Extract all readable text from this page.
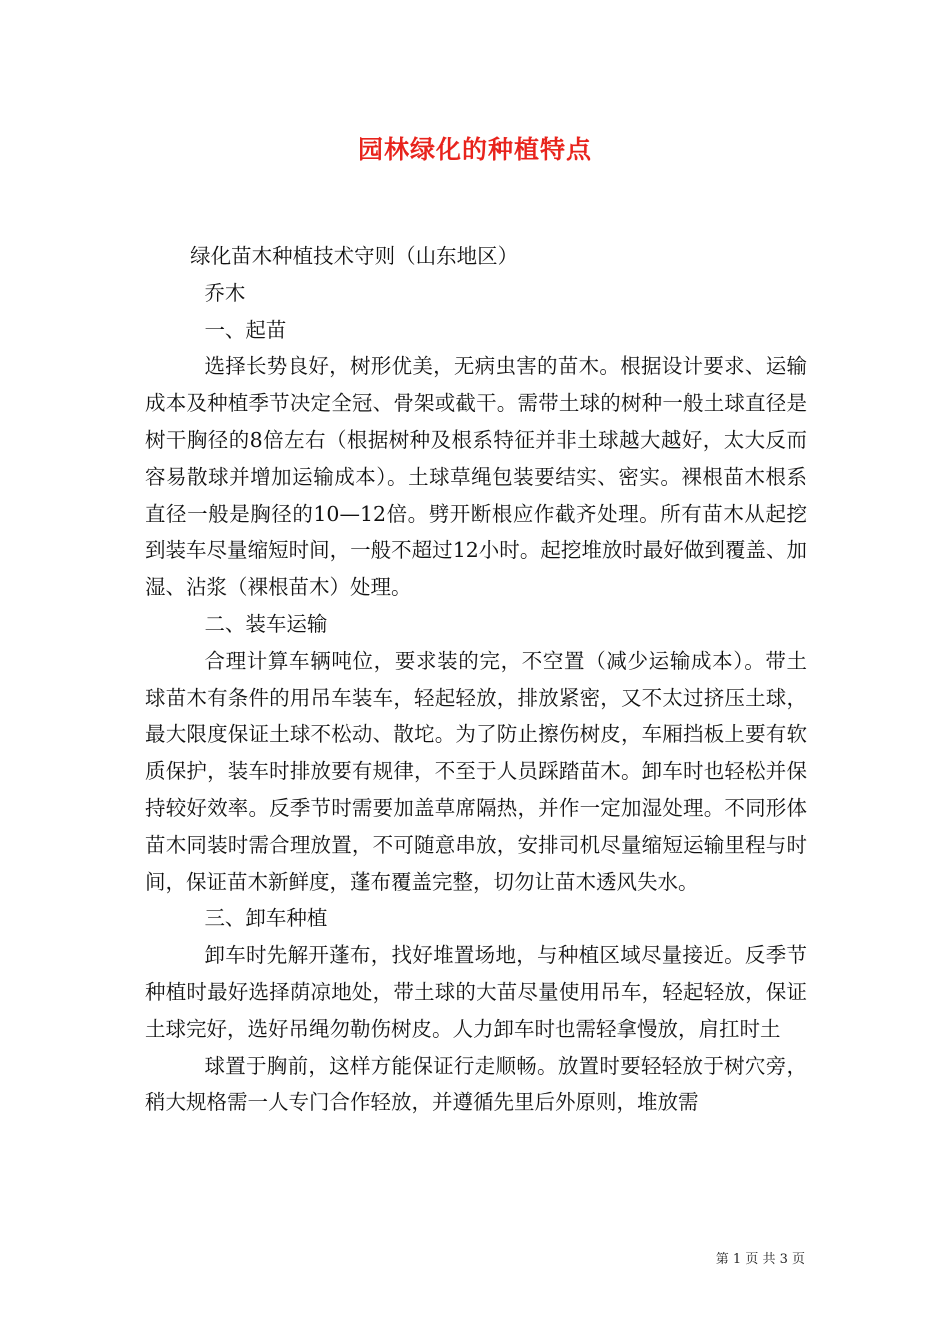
园林绿化的种植特点

绿化苗木种植技术守则（山东地区）

乔木

一、起苗

选择长势良好，树形优美，无病虫害的苗木。根据设计要求、运输成本及种植季节决定全冠、骨架或截干。需带土球的树种一般土球直径是树干胸径的8倍左右（根据树种及根系特征并非土球越大越好，太大反而容易散球并增加运输成本）。土球草绳包装要结实、密实。裸根苗木根系直径一般是胸径的10—12倍。劈开断根应作截齐处理。所有苗木从起挖到装车尽量缩短时间，一般不超过12小时。起挖堆放时最好做到覆盖、加湿、沾浆（裸根苗木）处理。

二、装车运输

合理计算车辆吨位，要求装的完，不空置（减少运输成本）。带土球苗木有条件的用吊车装车，轻起轻放，排放紧密，又不太过挤压土球，最大限度保证土球不松动、散坨。为了防止擦伤树皮，车厢挡板上要有软质保护，装车时排放要有规律，不至于人员踩踏苗木。卸车时也轻松并保持较好效率。反季节时需要加盖草席隔热，并作一定加湿处理。不同形体苗木同装时需合理放置，不可随意串放，安排司机尽量缩短运输里程与时间，保证苗木新鲜度，蓬布覆盖完整，切勿让苗木透风失水。

三、卸车种植

卸车时先解开蓬布，找好堆置场地，与种植区域尽量接近。反季节种植时最好选择荫凉地处，带土球的大苗尽量使用吊车，轻起轻放，保证土球完好，选好吊绳勿勒伤树皮。人力卸车时也需轻拿慢放，肩扛时土

球置于胸前，这样方能保证行走顺畅。放置时要轻轻放于树穴旁，稍大规格需一人专门合作轻放，并遵循先里后外原则，堆放需

第 1 页 共 3 页
